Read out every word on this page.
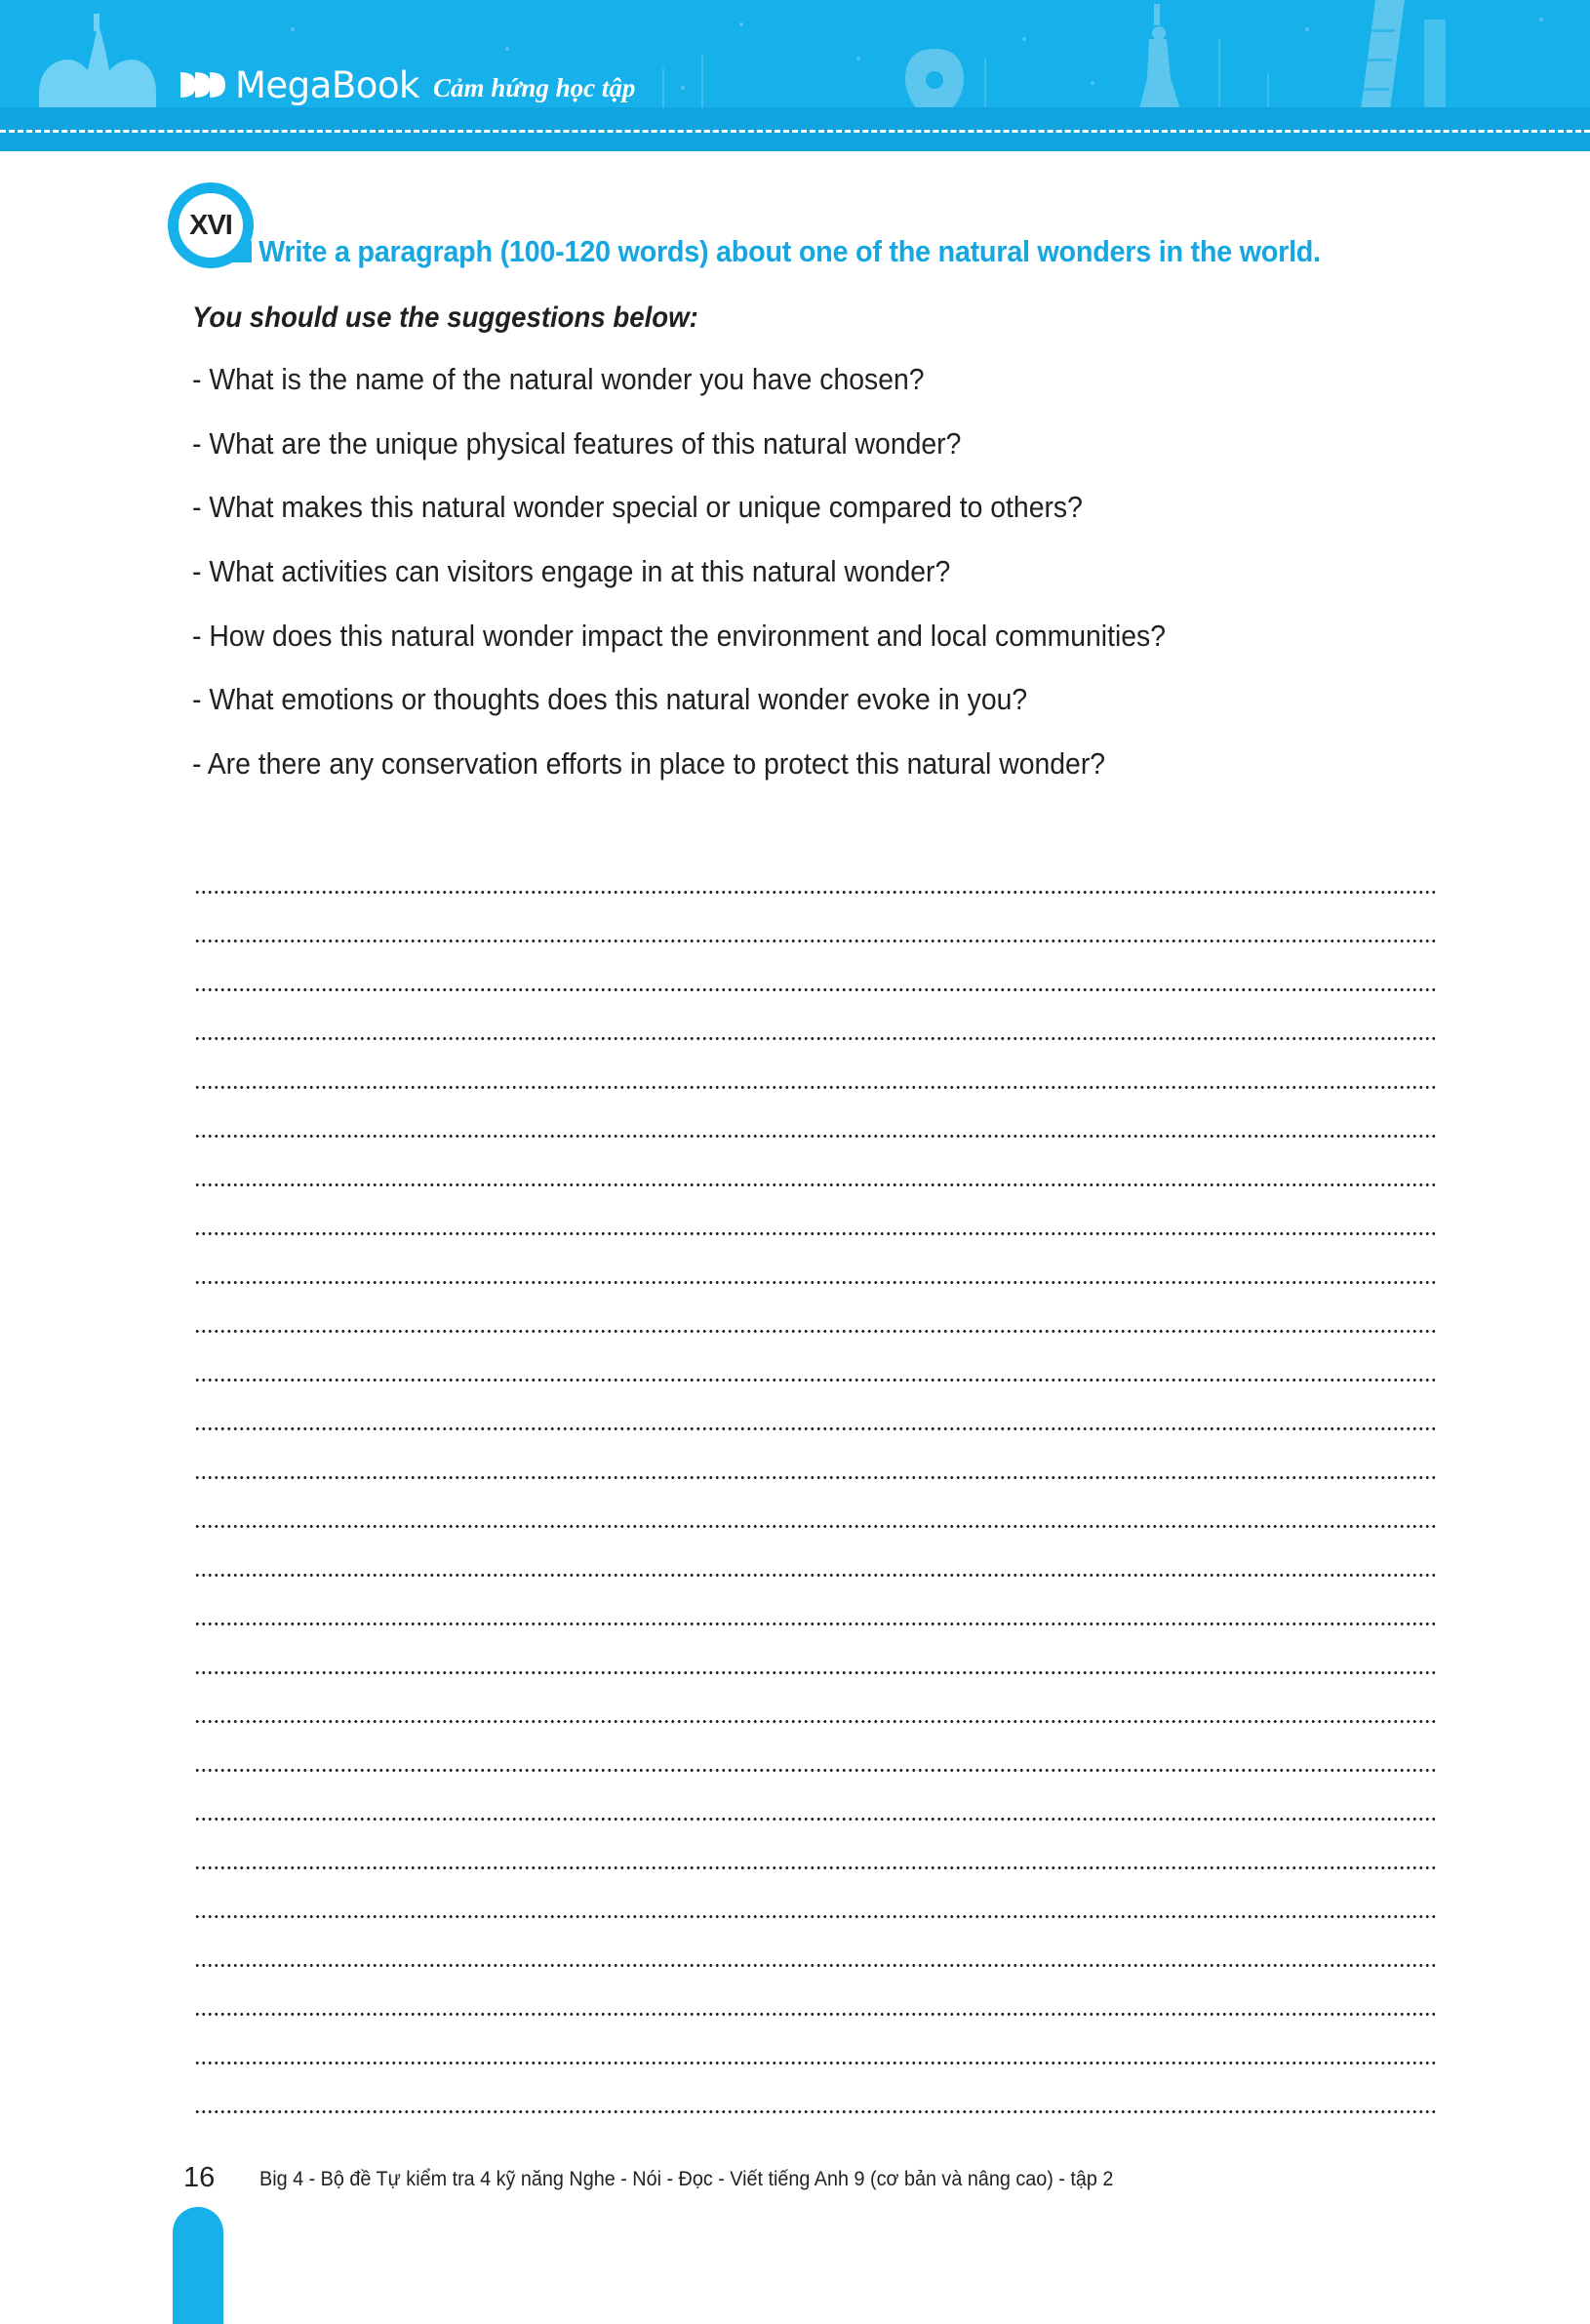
MegaBook Cảm hứng học tập
XVI
Write a paragraph (100-120 words) about one of the natural wonders in the world.
You should use the suggestions below:
- What is the name of the natural wonder you have chosen?
- What are the unique physical features of this natural wonder?
- What makes this natural wonder special or unique compared to others?
- What activities can visitors engage in at this natural wonder?
- How does this natural wonder impact the environment and local communities?
- What emotions or thoughts does this natural wonder evoke in you?
- Are there any conservation efforts in place to protect this natural wonder?
16 Big 4 - Bộ đề Tự kiểm tra 4 kỹ năng Nghe - Nói - Đọc - Viết tiếng Anh 9 (cơ bản và nâng cao) - tập 2
